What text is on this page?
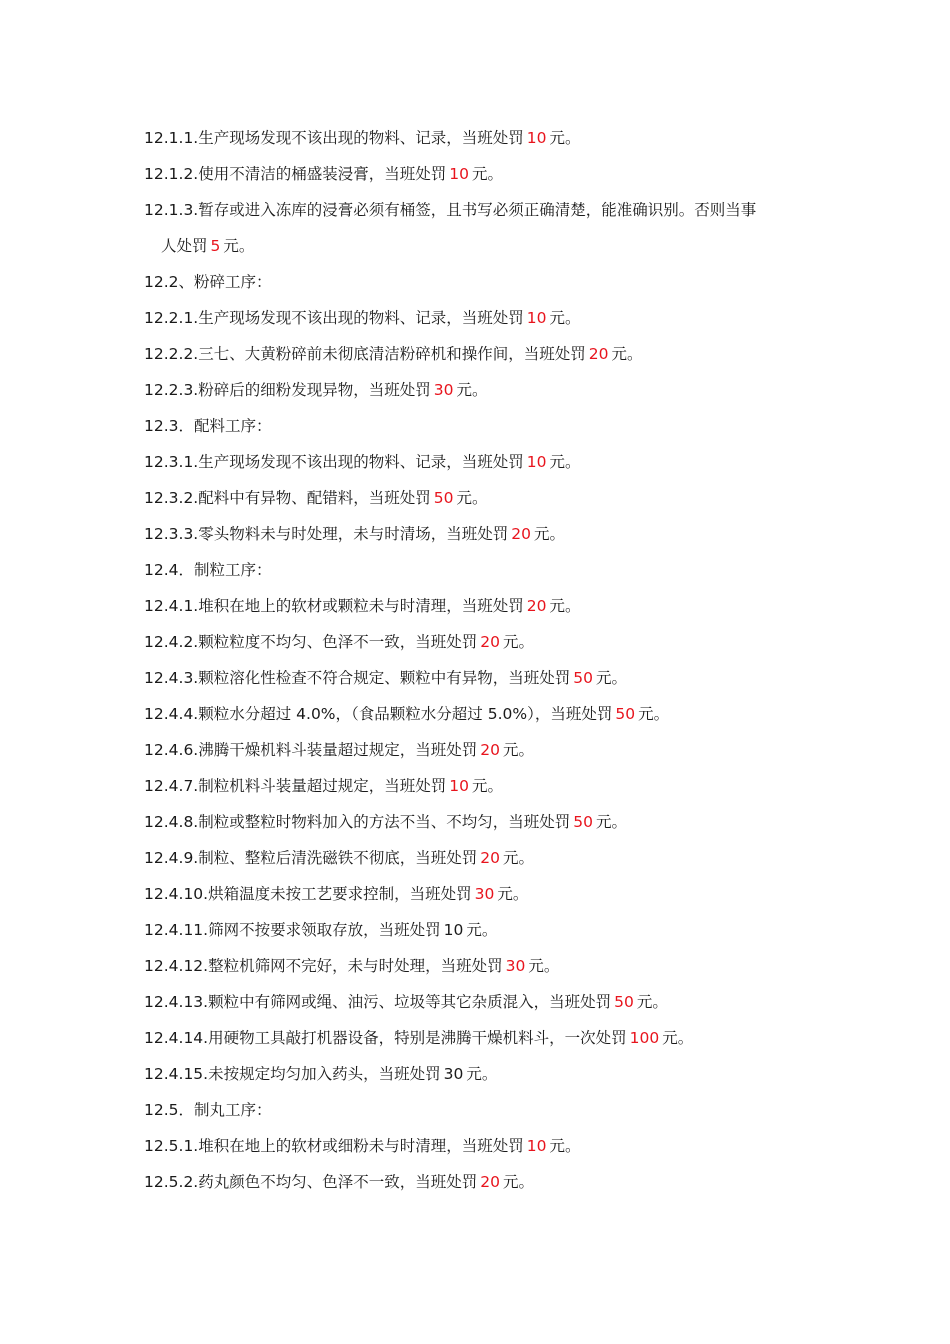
12.1.1.生产现场发现不该出现的物料、记录，当班处罚 10 元。
12.1.2.使用不清洁的桶盛装浸膏，当班处罚 10 元。
12.1.3.暂存或进入冻库的浸膏必须有桶签，且书写必须正确清楚，能准确识别。否则当事
人处罚 5 元。
12.2、粉碎工序：
12.2.1.生产现场发现不该出现的物料、记录，当班处罚 10 元。
12.2.2.三七、大黄粉碎前未彻底清洁粉碎机和操作间，当班处罚 20 元。
12.2.3.粉碎后的细粉发现异物，当班处罚 30 元。
12.3．配料工序：
12.3.1.生产现场发现不该出现的物料、记录，当班处罚 10 元。
12.3.2.配料中有异物、配错料，当班处罚 50 元。
12.3.3.零头物料未与时处理，未与时清场，当班处罚 20 元。
12.4．制粒工序：
12.4.1.堆积在地上的软材或颗粒未与时清理，当班处罚 20 元。
12.4.2.颗粒粒度不均匀、色泽不一致，当班处罚 20 元。
12.4.3.颗粒溶化性检查不符合规定、颗粒中有异物，当班处罚 50 元。
12.4.4.颗粒水分超过 4.0%，（食品颗粒水分超过 5.0%），当班处罚 50 元。
12.4.6.沸腾干燥机料斗装量超过规定，当班处罚 20 元。
12.4.7.制粒机料斗装量超过规定，当班处罚 10 元。
12.4.8.制粒或整粒时物料加入的方法不当、不均匀，当班处罚 50 元。
12.4.9.制粒、整粒后清洗磁铁不彻底，当班处罚 20 元。
12.4.10.烘箱温度未按工艺要求控制，当班处罚 30 元。
12.4.11.筛网不按要求领取存放，当班处罚 10 元。
12.4.12.整粒机筛网不完好，未与时处理，当班处罚 30 元。
12.4.13.颗粒中有筛网或绳、油污、垃圾等其它杂质混入，当班处罚 50 元。
12.4.14.用硬物工具敲打机器设备，特别是沸腾干燥机料斗，一次处罚 100 元。
12.4.15.未按规定均匀加入药头，当班处罚 30 元。
12.5．制丸工序：
12.5.1.堆积在地上的软材或细粉未与时清理，当班处罚 10 元。
12.5.2.药丸颜色不均匀、色泽不一致，当班处罚 20 元。
